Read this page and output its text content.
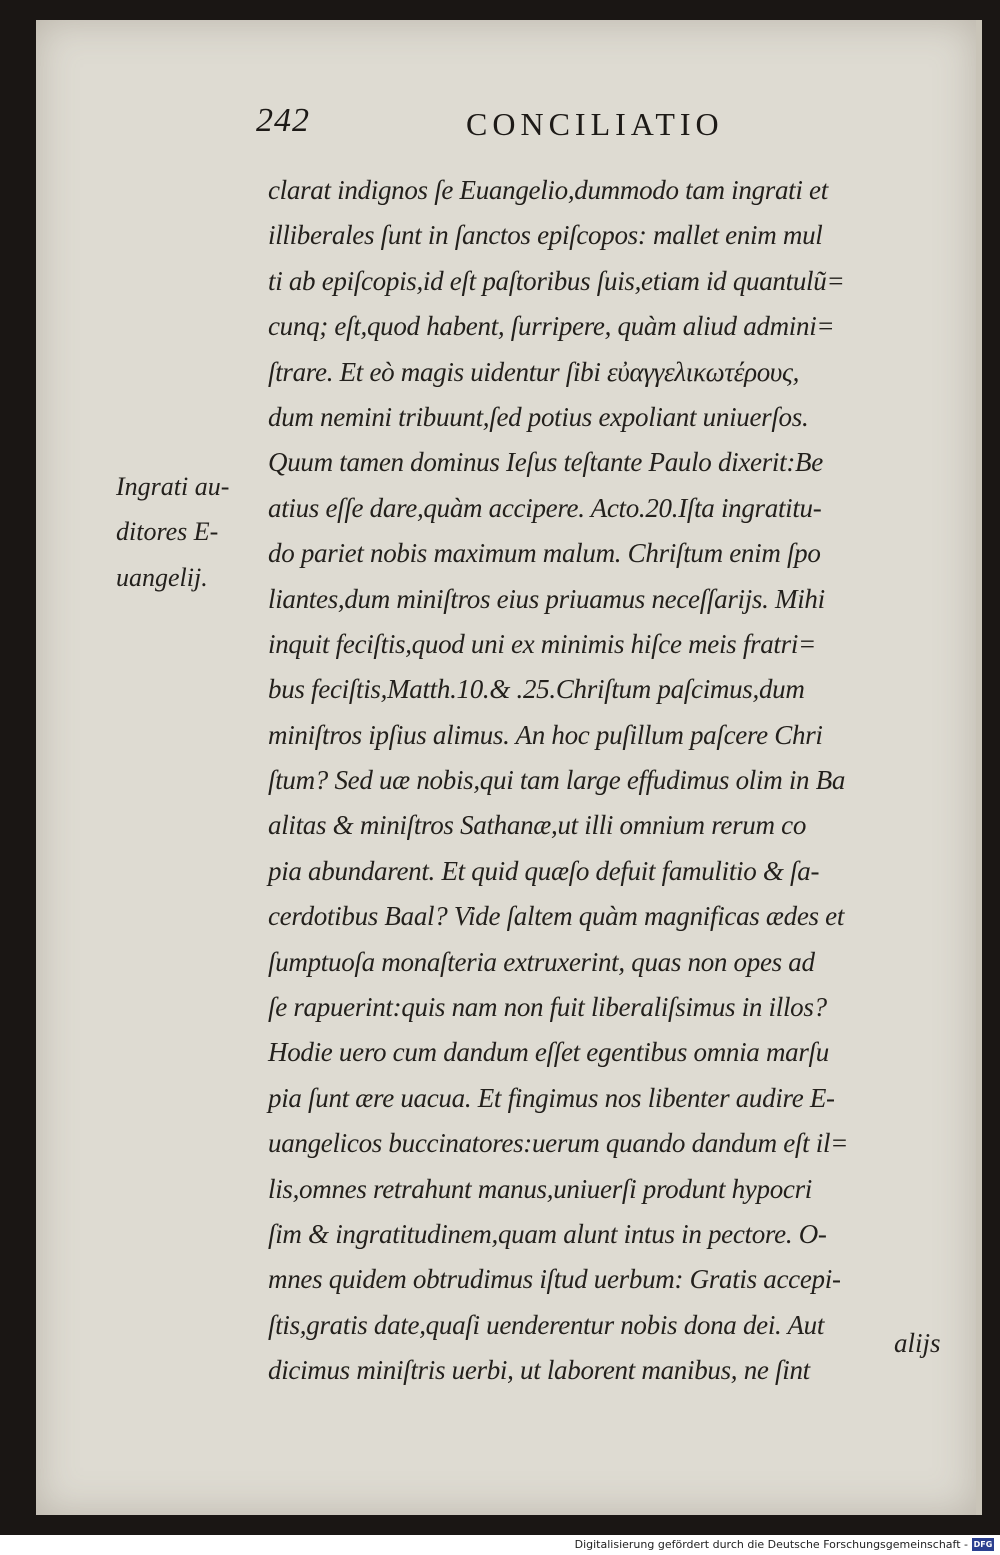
242	CONCILIATIO
Ingrati au-
ditores E-
uangelij.
clarat indignos ſe Euangelio,dummodo tam ingrati et
illiberales ſunt in ſanctos epiſcopos: mallet enim mul
ti ab epiſcopis,id eſt paſtoribus ſuis,etiam id quantulũ=
cunq; eſt,quod habent, ſurripere, quàm aliud admini=
ſtrare. Et eò magis uidentur ſibi εὐαγγελικωτέρους,
dum nemini tribuunt,ſed potius expoliant uniuerſos.
Quum tamen dominus Ieſus teſtante Paulo dixerit:Be
atius eſſe dare,quàm accipere. Acto.20.Iſta ingratitu-
do pariet nobis maximum malum. Chriſtum enim ſpo
liantes,dum miniſtros eius priuamus neceſſarijs. Mihi
inquit feciſtis,quod uni ex minimis hiſce meis fratri=
bus feciſtis,Matth.10.& .25.Chriſtum paſcimus,dum
miniſtros ipſius alimus. An hoc puſillum paſcere Chri
ſtum? Sed uæ nobis,qui tam large effudimus olim in Ba
alitas & miniſtros Sathanæ,ut illi omnium rerum co
pia abundarent. Et quid quæſo defuit famulitio & ſa-
cerdotibus Baal? Vide ſaltem quàm magnificas ædes et
ſumptuoſa monaſteria extruxerint, quas non opes ad
ſe rapuerint:quis nam non fuit liberaliſsimus in illos?
Hodie uero cum dandum eſſet egentibus omnia marſu
pia ſunt ære uacua. Et fingimus nos libenter audire E-
uangelicos buccinatores:uerum quando dandum eſt il=
lis,omnes retrahunt manus,uniuerſi produnt hypocri
ſim & ingratitudinem,quam alunt intus in pectore. O-
mnes quidem obtrudimus iſtud uerbum: Gratis accepi-
ſtis,gratis date,quaſi uenderentur nobis dona dei. Aut
dicimus miniſtris uerbi, ut laborent manibus, ne ſint
alijs
Digitalisierung gefördert durch die Deutsche Forschungsgemeinschaft - DFG
